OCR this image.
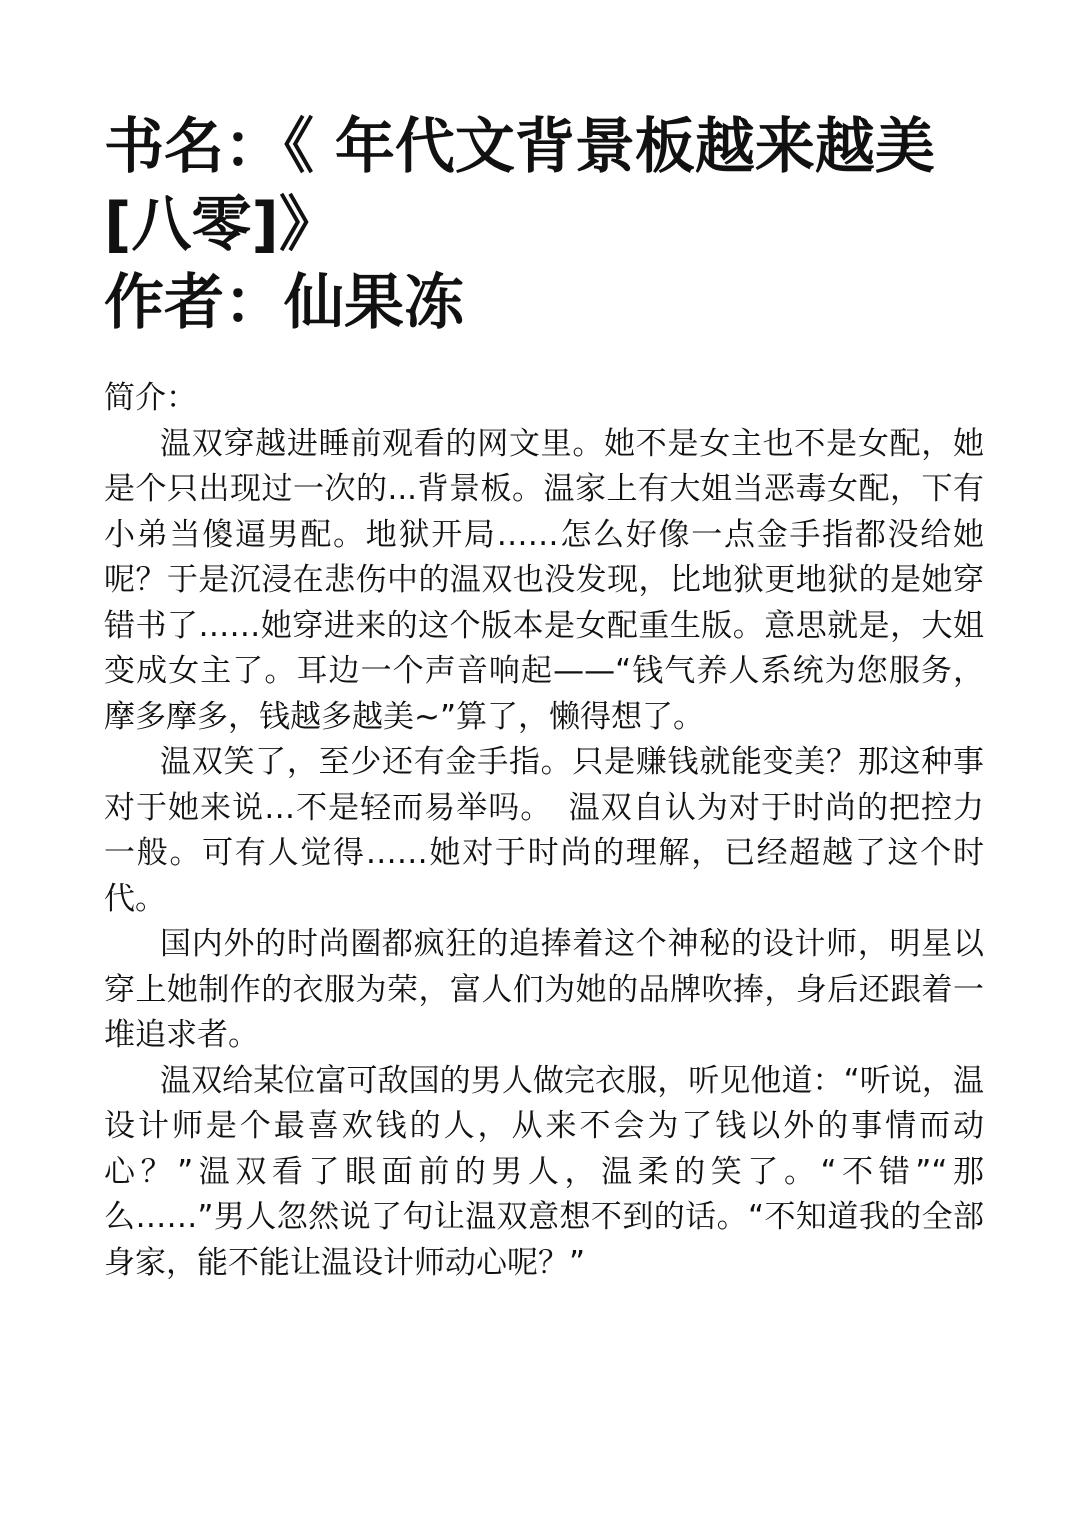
书名：《 年代文背景板越来越美[八零]》
作者：仙果冻

简介：

温双穿越进睡前观看的网文里。她不是女主也不是女配，她是个只出现过一次的...背景板。温家上有大姐当恶毒女配，下有小弟当傻逼男配。地狱开局……怎么好像一点金手指都没给她呢？于是沉浸在悲伤中的温双也没发现，比地狱更地狱的是她穿错书了……她穿进来的这个版本是女配重生版。意思就是，大姐变成女主了。耳边一个声音响起——“钱气养人系统为您服务，摩多摩多，钱越多越美~”算了，懒得想了。

温双笑了，至少还有金手指。只是赚钱就能变美？那这种事对于她来说…不是轻而易举吗。　温双自认为对于时尚的把控力一般。可有人觉得……她对于时尚的理解，已经超越了这个时代。

国内外的时尚圈都疯狂的追捧着这个神秘的设计师，明星以穿上她制作的衣服为荣，富人们为她的品牌吹捧，身后还跟着一堆追求者。

温双给某位富可敌国的男人做完衣服，听见他道：“听说，温设计师是个最喜欢钱的人，从来不会为了钱以外的事情而动心？”温双看了眼面前的男人，温柔的笑了。“不错”“那么……”男人忽然说了句让温双意想不到的话。“不知道我的全部身家，能不能让温设计师动心呢？”
